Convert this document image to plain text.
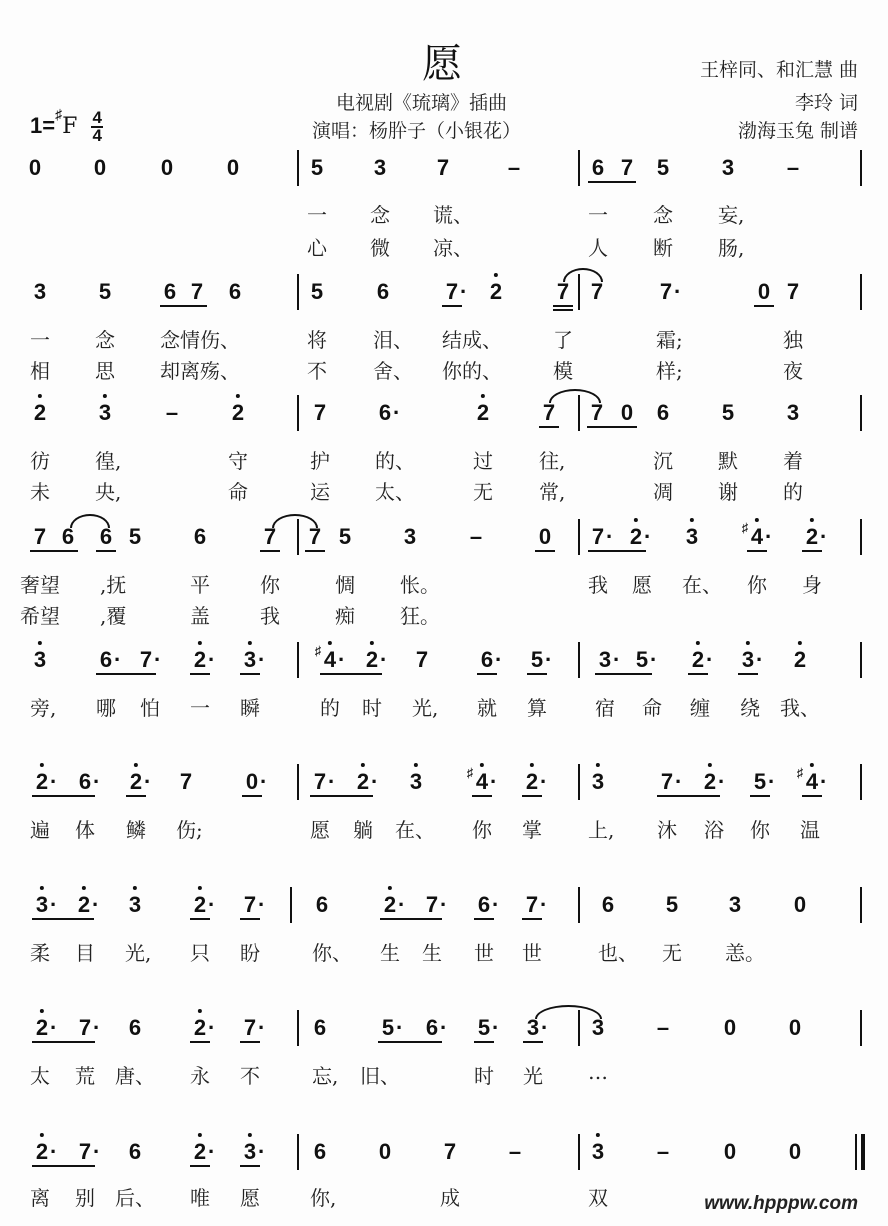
愿
电视剧《琉璃》插曲
演唱：杨肸子（小银花）
王梓同、和汇慧 曲
李玲 词
渤海玉兔 制谱
$1=^♯F \frac{4}{4}$
0 0 0 0	5 3 7	–	6 7 5 3 –
一 念 谎、	一 念 妄,
心 微 凉、	人 断 肠,
3 5 6 7 6	5 6	7 · 2 7 7	7 ·	0 7
一 念 念情伤、	将 泪、 结成、	了	霜;	独
相 思 却离殇、	不 舍、 你的、	模	样;	夜
2 3 – 2	7 6 ·	2 7 7 0 6 5 3
彷 徨,	守	护 的、	过 往,	沉 默 着
未 央,	命	运 太、	无 常,	凋 谢 的
7 6 6 5 6	7 7 5 3 –	0 7 · 2 · 3 4
♯ · 2 ·
奢望 ,抚	平	你	惆 怅。	我 愿 在、 你 身
希望 ,覆	盖	我	痴 狂。
3 6 · 7 · 2 · 3 ·	4
♯ · 2 · 7 6 · 5 · 3 · 5 · 2 · 3 · 2
旁, 哪 怕 一 瞬	的 时 光, 就 算 宿 命 缠 绕 我、
2 · 6 · 2 · 7 0 · 7 · 2 · 3 4
♯ · 2 · 3	7 · 2 · 5 · 4
♯ ·
遍 体 鳞 伤;	愿 躺 在、 你 掌 上, 沐 浴 你 温
3 · 2 · 3 2 · 7 · 6	2 · 7 · 6 · 7 · 6 5 3 0
柔 目 光, 只 盼	你、 生 生 世 世	也、 无 恙。
2 · 7 · 6 2 · 7 · 6	5 · 6 · 5 · 3 · 3 – 0 0
太 荒 唐、 永 不	忘, 旧、	时 光 …
2 · 7 · 6 2 · 3 · 6 0 7 –	3 – 0 0
离 别 后、 唯 愿	你,	成	双	www.hpppw.com
